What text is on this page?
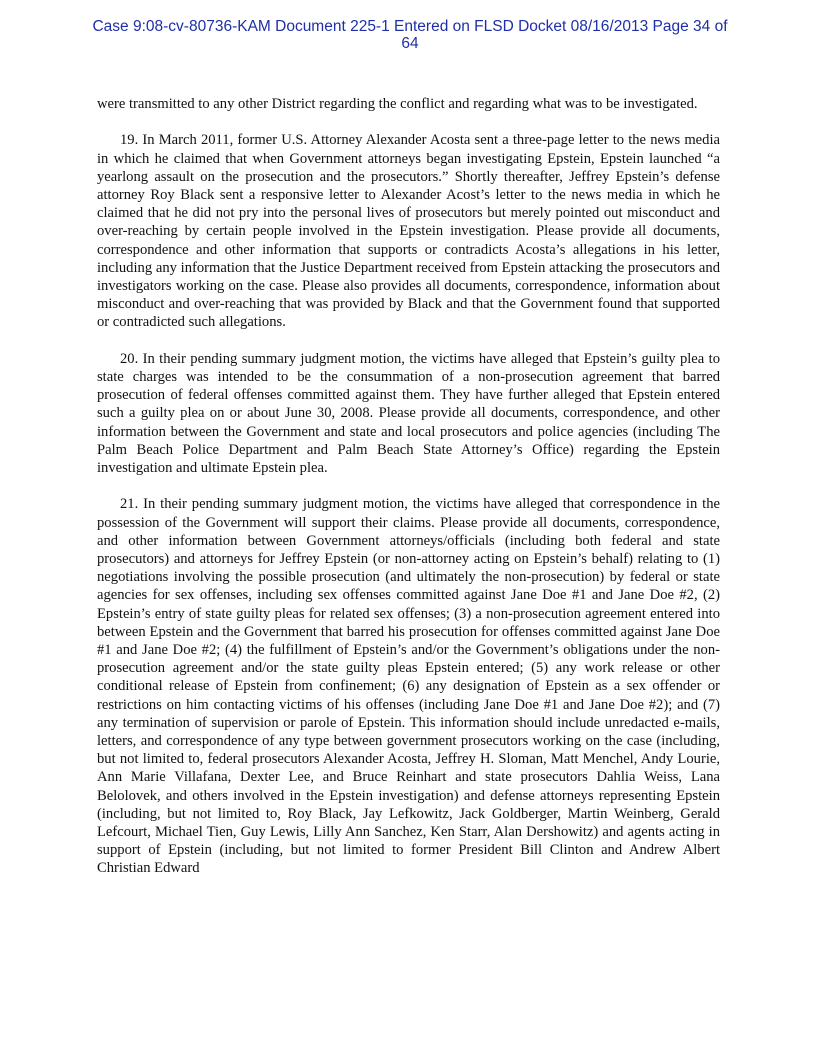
Case 9:08-cv-80736-KAM Document 225-1 Entered on FLSD Docket 08/16/2013 Page 34 of
64

were transmitted to any other District regarding the conflict and regarding what was to be investigated.

19. In March 2011, former U.S. Attorney Alexander Acosta sent a three-page letter to the news media in which he claimed that when Government attorneys began investigating Epstein, Epstein launched “a yearlong assault on the prosecution and the prosecutors.” Shortly thereafter, Jeffrey Epstein’s defense attorney Roy Black sent a responsive letter to Alexander Acost’s letter to the news media in which he claimed that he did not pry into the personal lives of prosecutors but merely pointed out misconduct and over-reaching by certain people involved in the Epstein investigation. Please provide all documents, correspondence and other information that supports or contradicts Acosta’s allegations in his letter, including any information that the Justice Department received from Epstein attacking the prosecutors and investigators working on the case. Please also provides all documents, correspondence, information about misconduct and over-reaching that was provided by Black and that the Government found that supported or contradicted such allegations.

20. In their pending summary judgment motion, the victims have alleged that Epstein’s guilty plea to state charges was intended to be the consummation of a non-prosecution agreement that barred prosecution of federal offenses committed against them. They have further alleged that Epstein entered such a guilty plea on or about June 30, 2008. Please provide all documents, correspondence, and other information between the Government and state and local prosecutors and police agencies (including The Palm Beach Police Department and Palm Beach State Attorney’s Office) regarding the Epstein investigation and ultimate Epstein plea.

21. In their pending summary judgment motion, the victims have alleged that correspondence in the possession of the Government will support their claims. Please provide all documents, correspondence, and other information between Government attorneys/officials (including both federal and state prosecutors) and attorneys for Jeffrey Epstein (or non-attorney acting on Epstein’s behalf) relating to (1) negotiations involving the possible prosecution (and ultimately the non-prosecution) by federal or state agencies for sex offenses, including sex offenses committed against Jane Doe #1 and Jane Doe #2, (2) Epstein’s entry of state guilty pleas for related sex offenses; (3) a non-prosecution agreement entered into between Epstein and the Government that barred his prosecution for offenses committed against Jane Doe #1 and Jane Doe #2; (4) the fulfillment of Epstein’s and/or the Government’s obligations under the non-prosecution agreement and/or the state guilty pleas Epstein entered; (5) any work release or other conditional release of Epstein from confinement; (6) any designation of Epstein as a sex offender or restrictions on him contacting victims of his offenses (including Jane Doe #1 and Jane Doe #2); and (7) any termination of supervision or parole of Epstein. This information should include unredacted e-mails, letters, and correspondence of any type between government prosecutors working on the case (including, but not limited to, federal prosecutors Alexander Acosta, Jeffrey H. Sloman, Matt Menchel, Andy Lourie, Ann Marie Villafana, Dexter Lee, and Bruce Reinhart and state prosecutors Dahlia Weiss, Lana Belolovek, and others involved in the Epstein investigation) and defense attorneys representing Epstein (including, but not limited to, Roy Black, Jay Lefkowitz, Jack Goldberger, Martin Weinberg, Gerald Lefcourt, Michael Tien, Guy Lewis, Lilly Ann Sanchez, Ken Starr, Alan Dershowitz) and agents acting in support of Epstein (including, but not limited to former President Bill Clinton and Andrew Albert Christian Edward
